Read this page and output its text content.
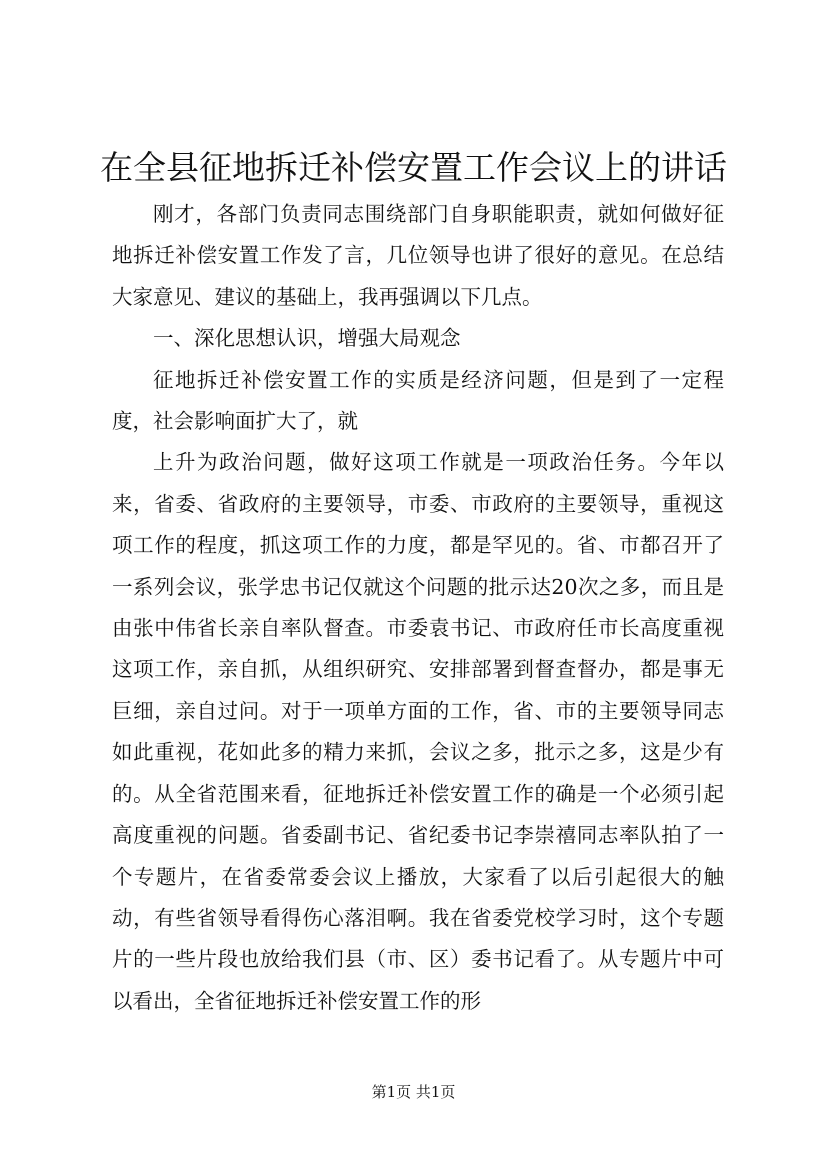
在全县征地拆迁补偿安置工作会议上的讲话

刚才，各部门负责同志围绕部门自身职能职责，就如何做好征地拆迁补偿安置工作发了言，几位领导也讲了很好的意见。在总结大家意见、建议的基础上，我再强调以下几点。

一、深化思想认识，增强大局观念

征地拆迁补偿安置工作的实质是经济问题，但是到了一定程度，社会影响面扩大了，就

上升为政治问题，做好这项工作就是一项政治任务。今年以来，省委、省政府的主要领导，市委、市政府的主要领导，重视这项工作的程度，抓这项工作的力度，都是罕见的。省、市都召开了一系列会议，张学忠书记仅就这个问题的批示达20次之多，而且是由张中伟省长亲自率队督查。市委袁书记、市政府任市长高度重视这项工作，亲自抓，从组织研究、安排部署到督查督办，都是事无巨细，亲自过问。对于一项单方面的工作，省、市的主要领导同志如此重视，花如此多的精力来抓，会议之多，批示之多，这是少有的。从全省范围来看，征地拆迁补偿安置工作的确是一个必须引起高度重视的问题。省委副书记、省纪委书记李崇禧同志率队拍了一个专题片，在省委常委会议上播放，大家看了以后引起很大的触动，有些省领导看得伤心落泪啊。我在省委党校学习时，这个专题片的一些片段也放给我们县（市、区）委书记看了。从专题片中可以看出，全省征地拆迁补偿安置工作的形

第1页 共1页
